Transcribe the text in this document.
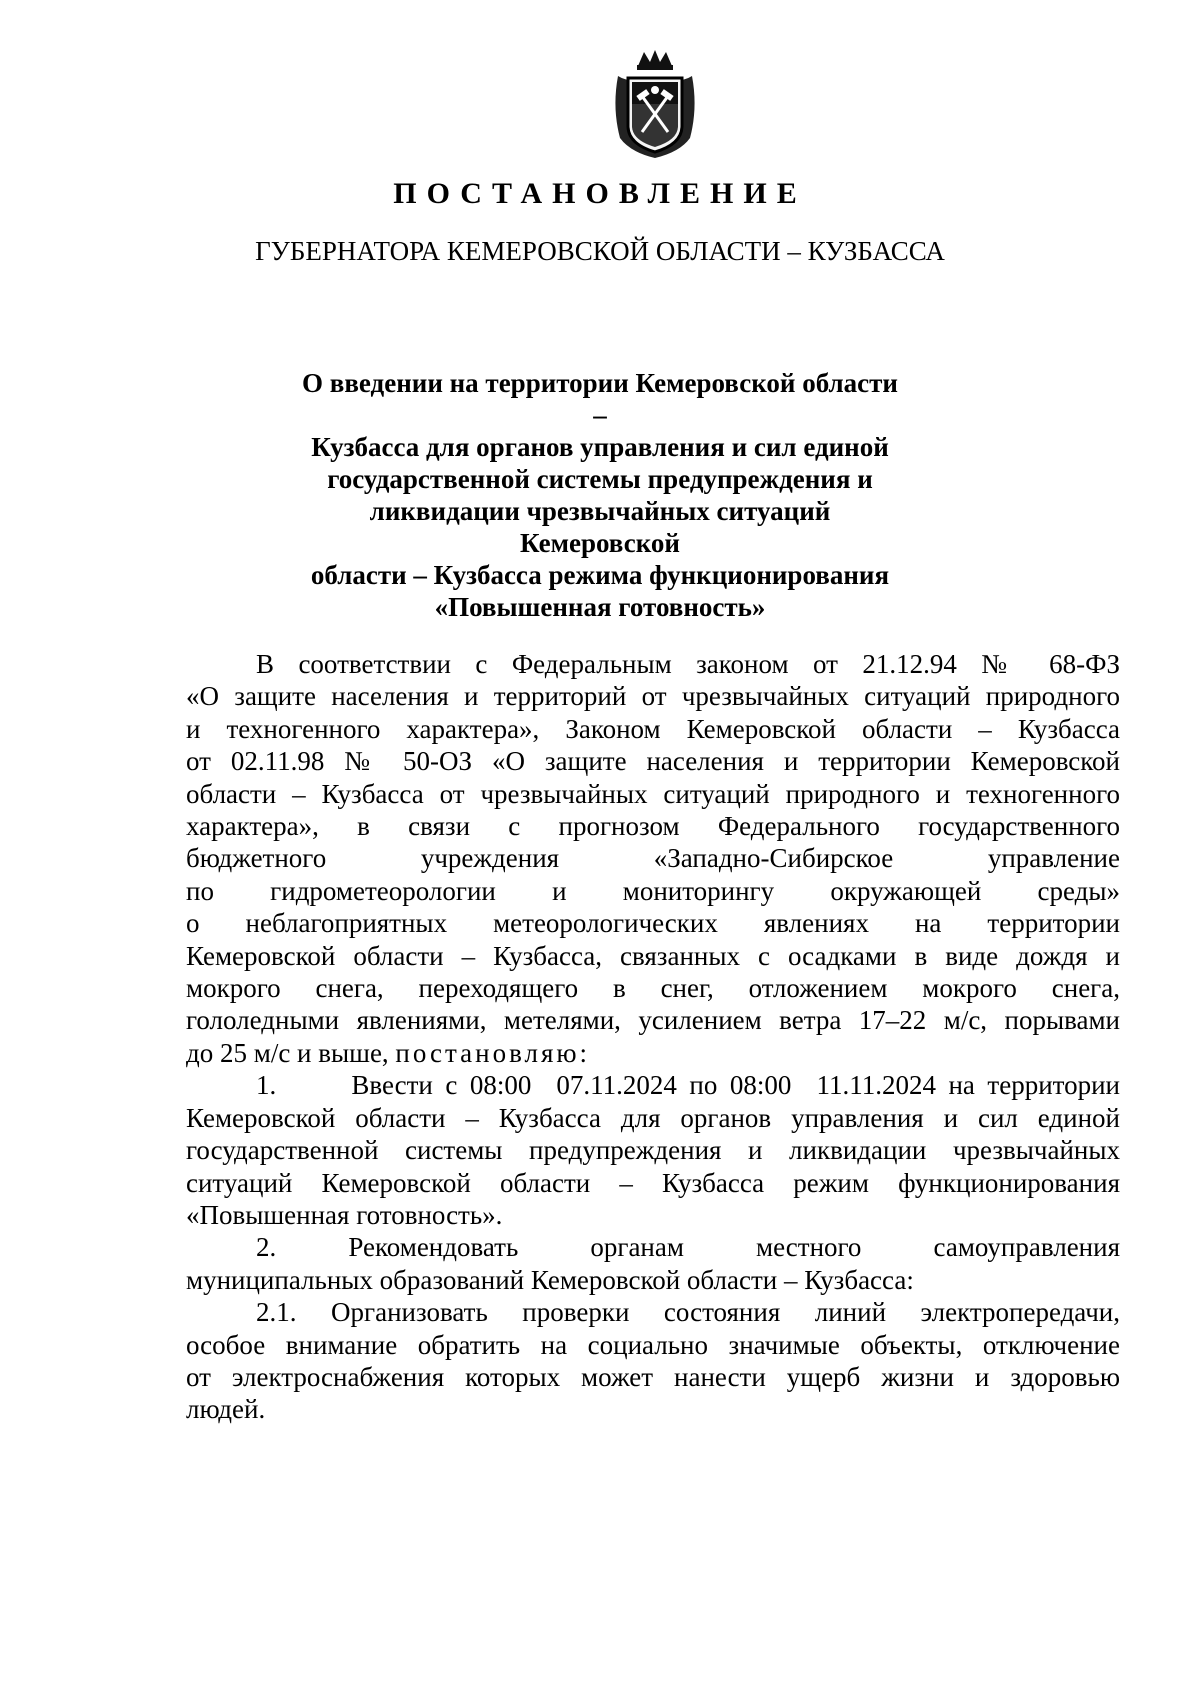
ПОСТАНОВЛЕНИЕ

ГУБЕРНАТОРА КЕМЕРОВСКОЙ ОБЛАСТИ – КУЗБАССА

О введении на территории Кемеровской области –
Кузбасса для органов управления и сил единой
государственной системы предупреждения и
ликвидации чрезвычайных ситуаций Кемеровской
области – Кузбасса режима функционирования
«Повышенная готовность»

В соответствии с Федеральным законом от 21.12.94 № 68-ФЗ
«О защите населения и территорий от чрезвычайных ситуаций природного
и техногенного характера», Законом Кемеровской области – Кузбасса
от 02.11.98 № 50-ОЗ «О защите населения и территории Кемеровской
области – Кузбасса от чрезвычайных ситуаций природного и техногенного
характера», в связи с прогнозом Федерального государственного
бюджетного учреждения «Западно-Сибирское управление
по гидрометеорологии и мониторингу окружающей среды»
о неблагоприятных метеорологических явлениях на территории
Кемеровской области – Кузбасса, связанных с осадками в виде дождя и
мокрого снега, переходящего в снег, отложением мокрого снега,
гололедными явлениями, метелями, усилением ветра 17–22 м/с, порывами
до 25 м/с и выше, постановляю:

1.      Ввести с 08:00  07.11.2024 по 08:00  11.11.2024 на территории
Кемеровской области – Кузбасса для органов управления и сил единой
государственной системы предупреждения и ликвидации чрезвычайных
ситуаций Кемеровской области – Кузбасса режим функционирования
«Повышенная готовность».

2. Рекомендовать органам местного самоуправления
муниципальных образований Кемеровской области – Кузбасса:

2.1. Организовать проверки состояния линий электропередачи,
особое внимание обратить на социально значимые объекты, отключение
от электроснабжения которых может нанести ущерб жизни и здоровью
людей.
